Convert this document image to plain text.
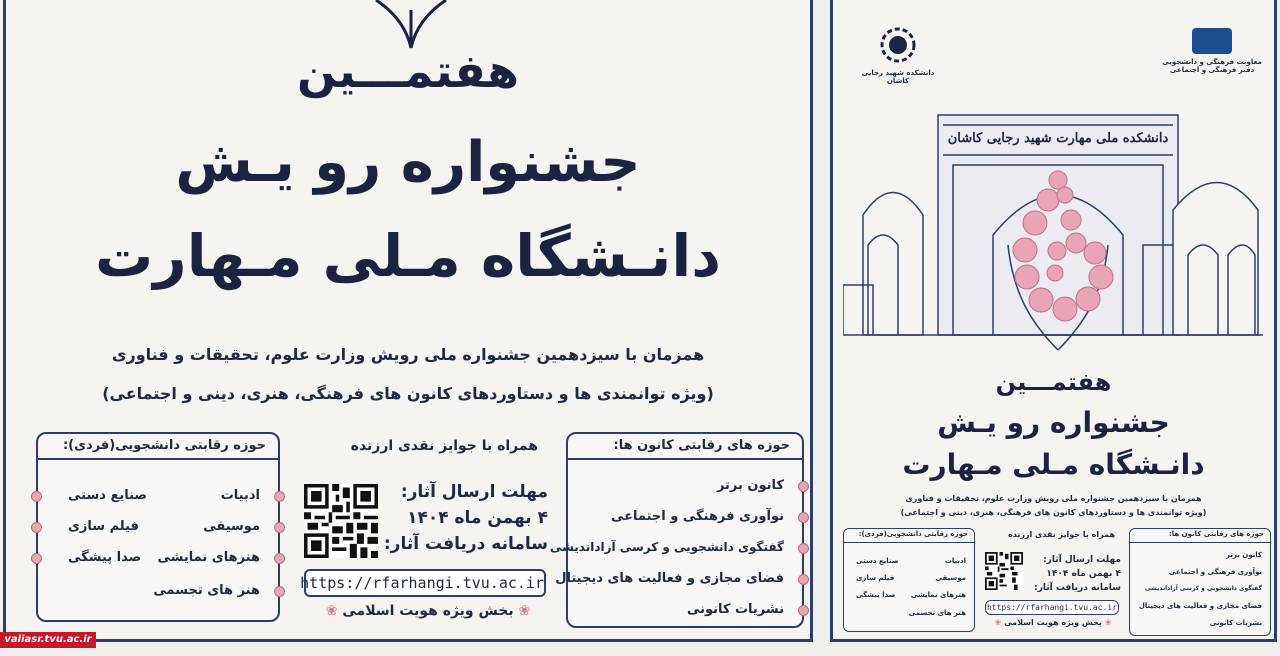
هفتمـــین
جشنواره رو یـش
دانـشگاه مـلی مـهارت
همزمان با سیزدهمین جشنواره ملی رویش وزارت علوم، تحقیقات و فناوری
(ویژه توانمندی ها و دستاوردهای کانون های فرهنگی، هنری، دینی و اجتماعی)
حوزه های رقابتی کانون ها:
کانون برتر
نوآوری فرهنگی و اجتماعی
گفتگوی دانشجویی و کرسی آزاداندیشی
فضای مجازی و فعالیت های دیجیتال
نشریات کانونی
همراه با جوایز نقدی ارزنده
مهلت ارسال آثار:
۴ بهمن ماه ۱۴۰۴
سامانه دریافت آثار:
https://rfarhangi.tvu.ac.ir
❀ بخش ویژه هویت اسلامی ❀
حوزه رقابتی دانشجویی(فردی):
ادبیات
موسیقی
هنرهای نمایشی
هنر های تجسمی
صنایع دستی
فیلم سازی
صدا پیشگی
دانشکده شهید رجایی کاشان
معاونت فرهنگی و دانشجویی دفتر فرهنگی و اجتماعی
دانشکده ملی مهارت شهید رجایی کاشان
هفتمـــین
جشنواره رو یـش
دانـشگاه مـلی مـهارت
همزمان با سیزدهمین جشنواره ملی رویش وزارت علوم، تحقیقات و فناوری
(ویژه توانمندی ها و دستاوردهای کانون های فرهنگی، هنری، دینی و اجتماعی)
حوزه های رقابتی کانون ها:
کانون برتر
نوآوری فرهنگی و اجتماعی
گفتگوی دانشجویی و کرسی آزاداندیشی
فضای مجازی و فعالیت های دیجیتال
نشریات کانونی
همراه با جوایز نقدی ارزنده
مهلت ارسال آثار:
۴ بهمن ماه ۱۴۰۴
سامانه دریافت آثار:
https://rfarhangi.tvu.ac.ir
❀ بخش ویژه هویت اسلامی ❀
حوزه رقابتی دانشجویی(فردی):
ادبیات
موسیقی
هنرهای نمایشی
هنر های تجسمی
صنایع دستی
فیلم سازی
صدا پیشگی
valiasr.tvu.ac.ir
